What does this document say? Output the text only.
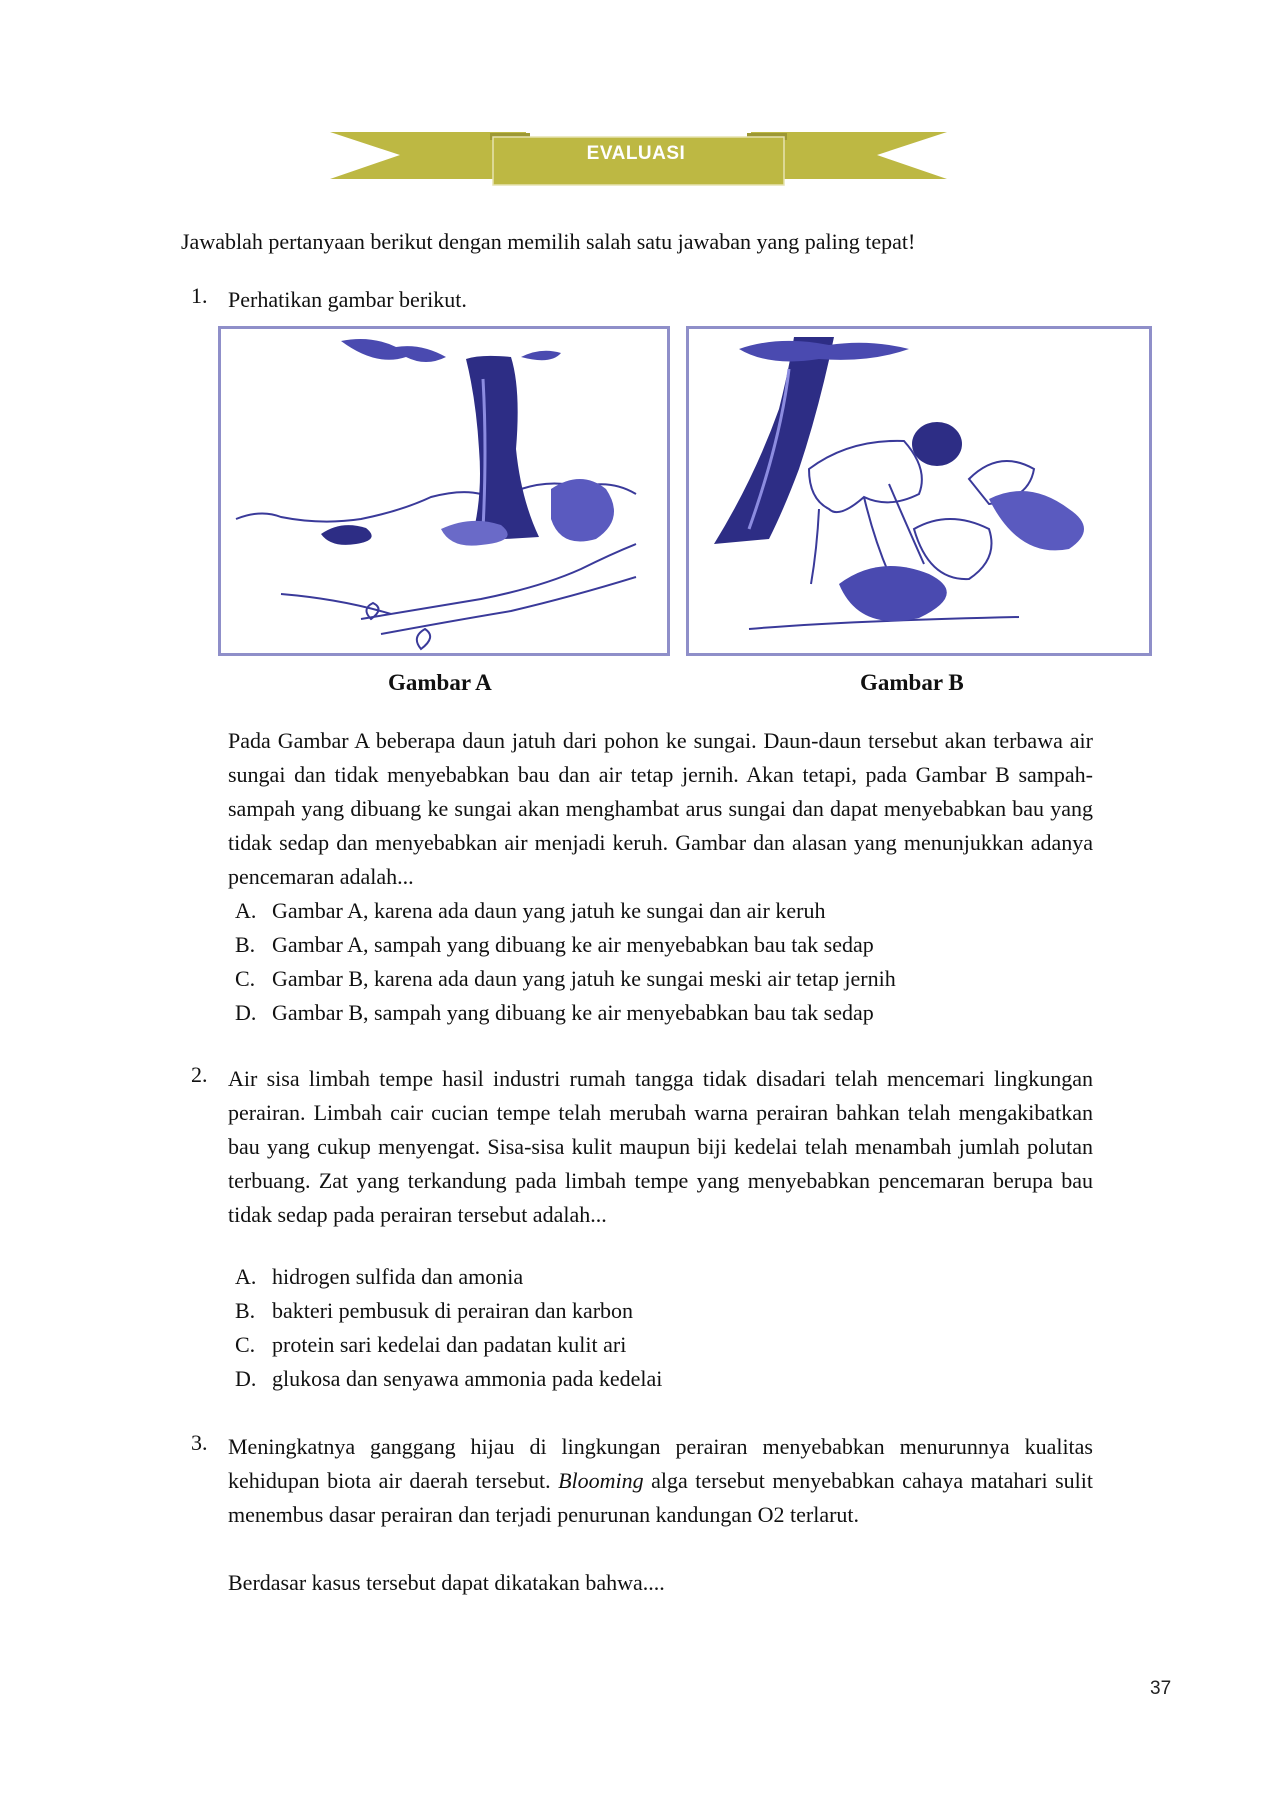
EVALUASI
Jawablah pertanyaan berikut dengan memilih salah satu jawaban yang paling tepat!
1. Perhatikan gambar berikut.
Gambar A	Gambar B
Pada Gambar A beberapa daun jatuh dari pohon ke sungai. Daun-daun tersebut akan terbawa air sungai dan tidak menyebabkan bau dan air tetap jernih. Akan tetapi, pada Gambar B sampah-sampah yang dibuang ke sungai akan menghambat arus sungai dan dapat menyebabkan bau yang tidak sedap dan menyebabkan air menjadi keruh. Gambar dan alasan yang menunjukkan adanya pencemaran adalah...
A. Gambar A, karena ada daun yang jatuh ke sungai dan air keruh
B. Gambar A, sampah yang dibuang ke air menyebabkan bau tak sedap
C. Gambar B, karena ada daun yang jatuh ke sungai meski air tetap jernih
D. Gambar B, sampah yang dibuang ke air menyebabkan bau tak sedap
2. Air sisa limbah tempe hasil industri rumah tangga tidak disadari telah mencemari lingkungan perairan. Limbah cair cucian tempe telah merubah warna perairan bahkan telah mengakibatkan bau yang cukup menyengat. Sisa-sisa kulit maupun biji kedelai telah menambah jumlah polutan terbuang. Zat yang terkandung pada limbah tempe yang menyebabkan pencemaran berupa bau tidak sedap pada perairan tersebut adalah...
A. hidrogen sulfida dan amonia
B. bakteri pembusuk di perairan dan karbon
C. protein sari kedelai dan padatan kulit ari
D. glukosa dan senyawa ammonia pada kedelai
3. Meningkatnya ganggang hijau di lingkungan perairan menyebabkan menurunnya kualitas kehidupan biota air daerah tersebut. Blooming alga tersebut menyebabkan cahaya matahari sulit menembus dasar perairan dan terjadi penurunan kandungan O2 terlarut.
Berdasar kasus tersebut dapat dikatakan bahwa....
37
